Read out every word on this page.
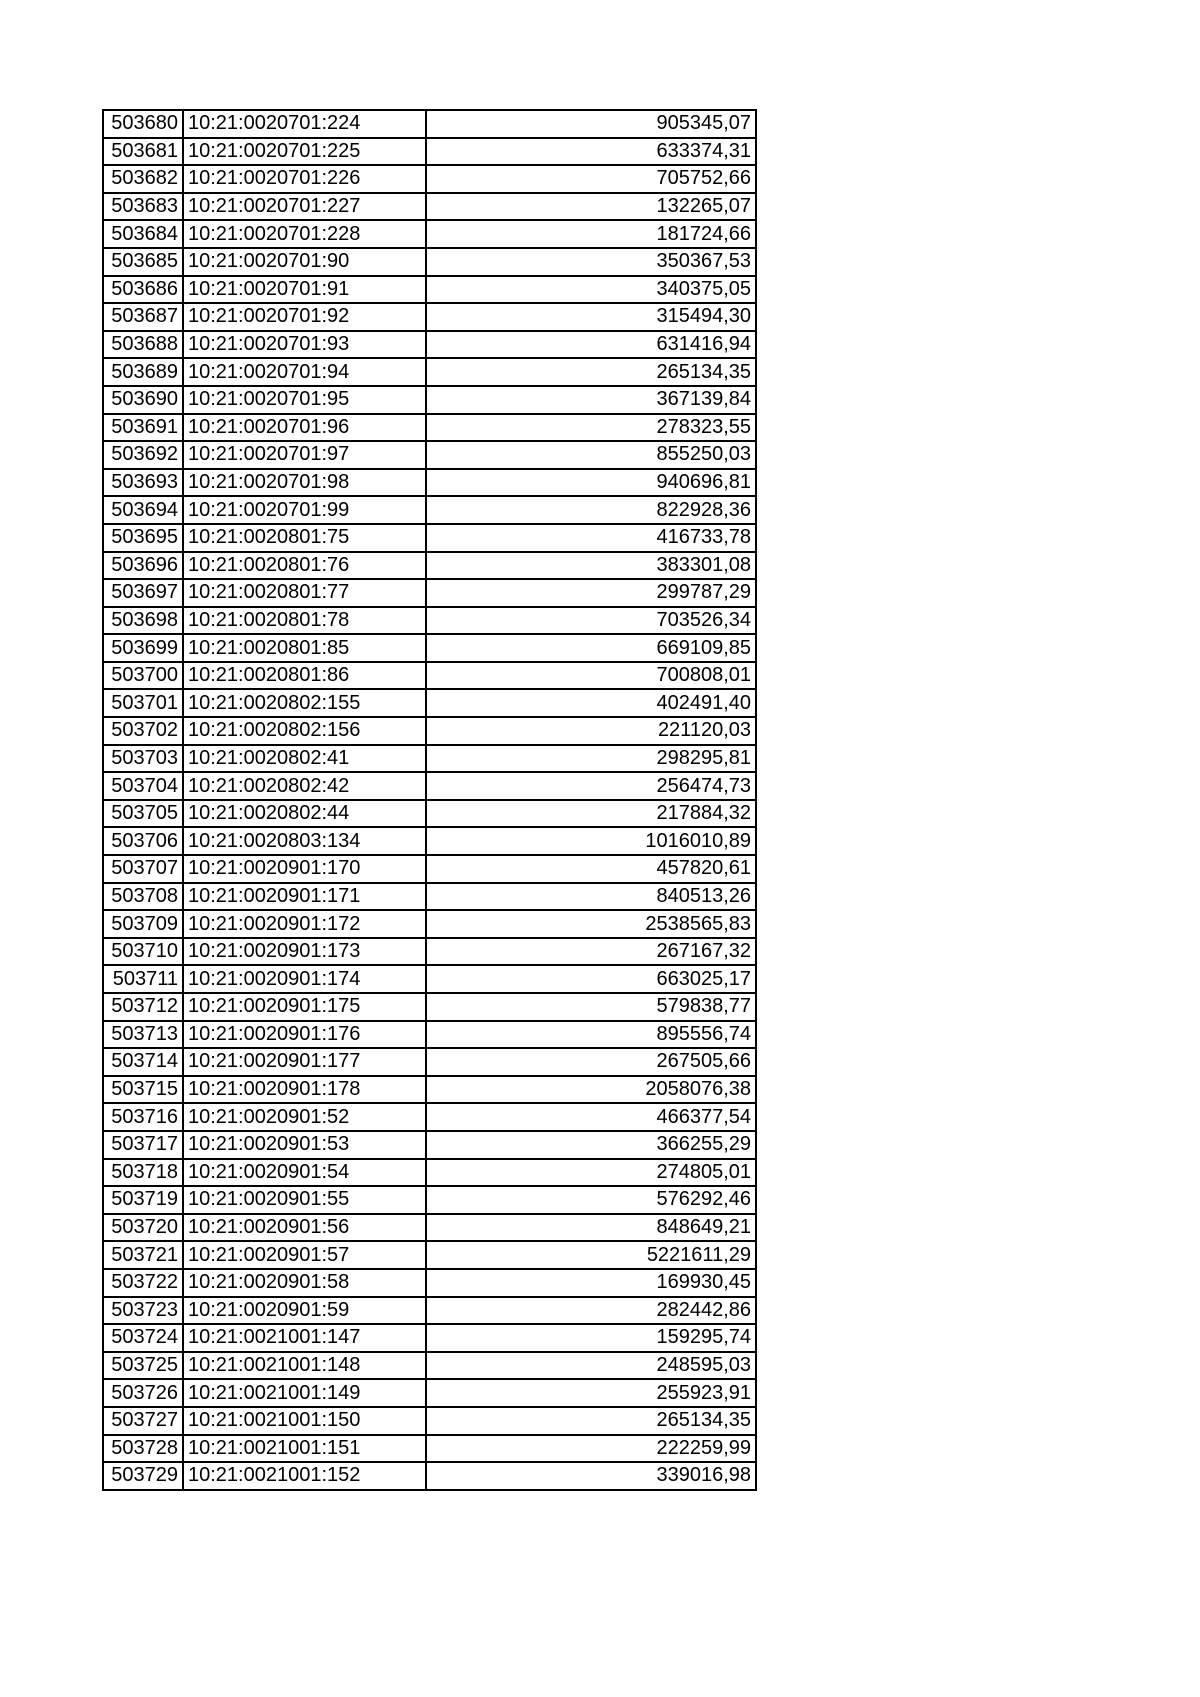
503680	10:21:0020701:224	905345,07
503681	10:21:0020701:225	633374,31
503682	10:21:0020701:226	705752,66
503683	10:21:0020701:227	132265,07
503684	10:21:0020701:228	181724,66
503685	10:21:0020701:90	350367,53
503686	10:21:0020701:91	340375,05
503687	10:21:0020701:92	315494,30
503688	10:21:0020701:93	631416,94
503689	10:21:0020701:94	265134,35
503690	10:21:0020701:95	367139,84
503691	10:21:0020701:96	278323,55
503692	10:21:0020701:97	855250,03
503693	10:21:0020701:98	940696,81
503694	10:21:0020701:99	822928,36
503695	10:21:0020801:75	416733,78
503696	10:21:0020801:76	383301,08
503697	10:21:0020801:77	299787,29
503698	10:21:0020801:78	703526,34
503699	10:21:0020801:85	669109,85
503700	10:21:0020801:86	700808,01
503701	10:21:0020802:155	402491,40
503702	10:21:0020802:156	221120,03
503703	10:21:0020802:41	298295,81
503704	10:21:0020802:42	256474,73
503705	10:21:0020802:44	217884,32
503706	10:21:0020803:134	1016010,89
503707	10:21:0020901:170	457820,61
503708	10:21:0020901:171	840513,26
503709	10:21:0020901:172	2538565,83
503710	10:21:0020901:173	267167,32
503711	10:21:0020901:174	663025,17
503712	10:21:0020901:175	579838,77
503713	10:21:0020901:176	895556,74
503714	10:21:0020901:177	267505,66
503715	10:21:0020901:178	2058076,38
503716	10:21:0020901:52	466377,54
503717	10:21:0020901:53	366255,29
503718	10:21:0020901:54	274805,01
503719	10:21:0020901:55	576292,46
503720	10:21:0020901:56	848649,21
503721	10:21:0020901:57	5221611,29
503722	10:21:0020901:58	169930,45
503723	10:21:0020901:59	282442,86
503724	10:21:0021001:147	159295,74
503725	10:21:0021001:148	248595,03
503726	10:21:0021001:149	255923,91
503727	10:21:0021001:150	265134,35
503728	10:21:0021001:151	222259,99
503729	10:21:0021001:152	339016,98
